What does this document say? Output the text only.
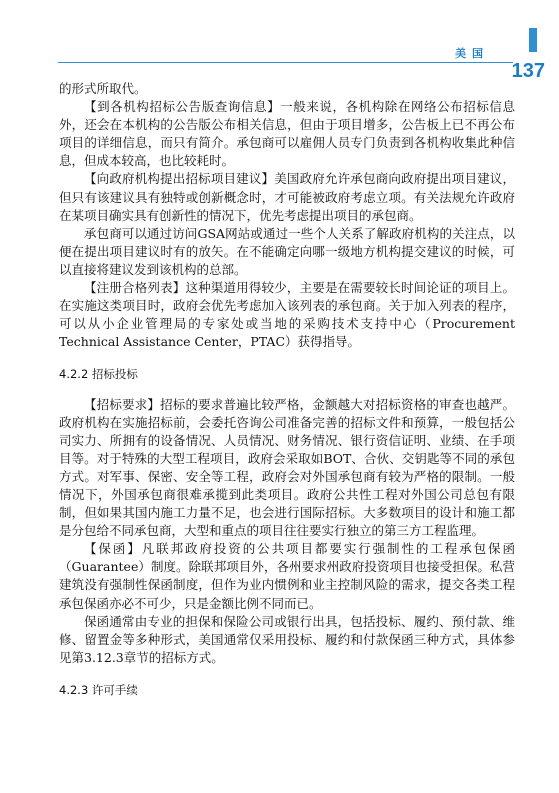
美国
137

的形式所取代。

【到各机构招标公告版查询信息】一般来说，各机构除在网络公布招标信息外，还会在本机构的公告版公布相关信息，但由于项目增多，公告板上已不再公布项目的详细信息，而只有简介。承包商可以雇佣人员专门负责到各机构收集此种信息，但成本较高，也比较耗时。

【向政府机构提出招标项目建议】美国政府允许承包商向政府提出项目建议，但只有该建议具有独特或创新概念时，才可能被政府考虑立项。有关法规允许政府在某项目确实具有创新性的情况下，优先考虑提出项目的承包商。

承包商可以通过访问GSA网站或通过一些个人关系了解政府机构的关注点，以便在提出项目建议时有的放矢。在不能确定向哪一级地方机构提交建议的时候，可以直接将建议发到该机构的总部。

【注册合格列表】这种渠道用得较少，主要是在需要较长时间论证的项目上。在实施这类项目时，政府会优先考虑加入该列表的承包商。关于加入列表的程序，可以从小企业管理局的专家处或当地的采购技术支持中心（Procurement Technical Assistance Center，PTAC）获得指导。

4.2.2 招标投标

【招标要求】招标的要求普遍比较严格，金额越大对招标资格的审查也越严。政府机构在实施招标前，会委托咨询公司准备完善的招标文件和预算，一般包括公司实力、所拥有的设备情况、人员情况、财务情况、银行资信证明、业绩、在手项目等。对于特殊的大型工程项目，政府会采取如BOT、合伙、交钥匙等不同的承包方式。对军事、保密、安全等工程，政府会对外国承包商有较为严格的限制。一般情况下，外国承包商很难承揽到此类项目。政府公共性工程对外国公司总包有限制，但如果其国内施工力量不足，也会进行国际招标。大多数项目的设计和施工都是分包给不同承包商，大型和重点的项目往往要实行独立的第三方工程监理。

【保函】凡联邦政府投资的公共项目都要实行强制性的工程承包保函（Guarantee）制度。除联邦项目外，各州要求州政府投资项目也接受担保。私营建筑没有强制性保函制度，但作为业内惯例和业主控制风险的需求，提交各类工程承包保函亦必不可少，只是金额比例不同而已。

保函通常由专业的担保和保险公司或银行出具，包括投标、履约、预付款、维修、留置金等多种形式，美国通常仅采用投标、履约和付款保函三种方式，具体参见第3.12.3章节的招标方式。

4.2.3 许可手续
